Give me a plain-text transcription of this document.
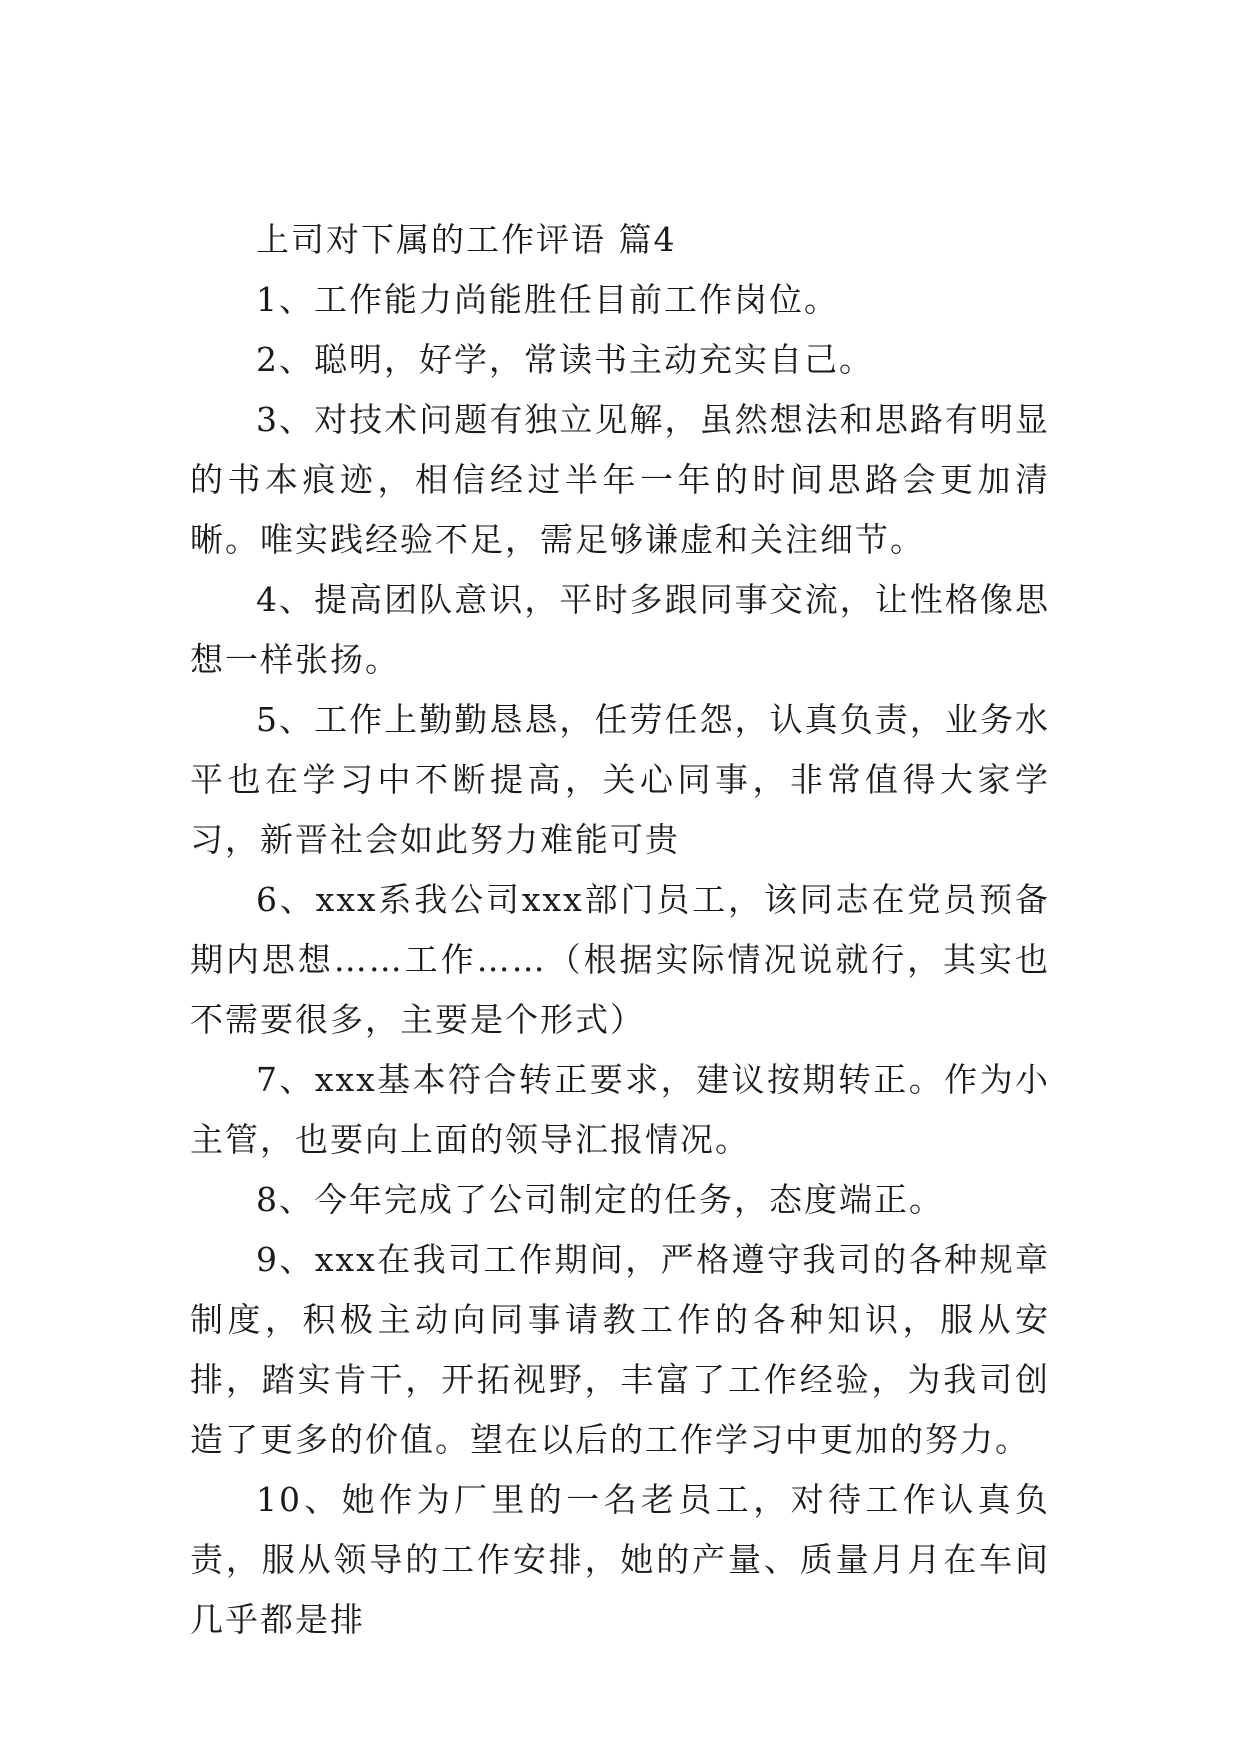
上司对下属的工作评语 篇4

1、工作能力尚能胜任目前工作岗位。

2、聪明，好学，常读书主动充实自己。

3、对技术问题有独立见解，虽然想法和思路有明显的书本痕迹，相信经过半年一年的时间思路会更加清晰。唯实践经验不足，需足够谦虚和关注细节。

4、提高团队意识，平时多跟同事交流，让性格像思想一样张扬。

5、工作上勤勤恳恳，任劳任怨，认真负责，业务水平也在学习中不断提高，关心同事，非常值得大家学习，新晋社会如此努力难能可贵

6、xxx系我公司xxx部门员工，该同志在党员预备期内思想……工作……（根据实际情况说就行，其实也不需要很多，主要是个形式）

7、xxx基本符合转正要求，建议按期转正。作为小主管，也要向上面的领导汇报情况。

8、今年完成了公司制定的任务，态度端正。

9、xxx在我司工作期间，严格遵守我司的各种规章制度，积极主动向同事请教工作的各种知识，服从安排，踏实肯干，开拓视野，丰富了工作经验，为我司创造了更多的价值。望在以后的工作学习中更加的努力。

10、她作为厂里的一名老员工，对待工作认真负责，服从领导的工作安排，她的产量、质量月月在车间几乎都是排
